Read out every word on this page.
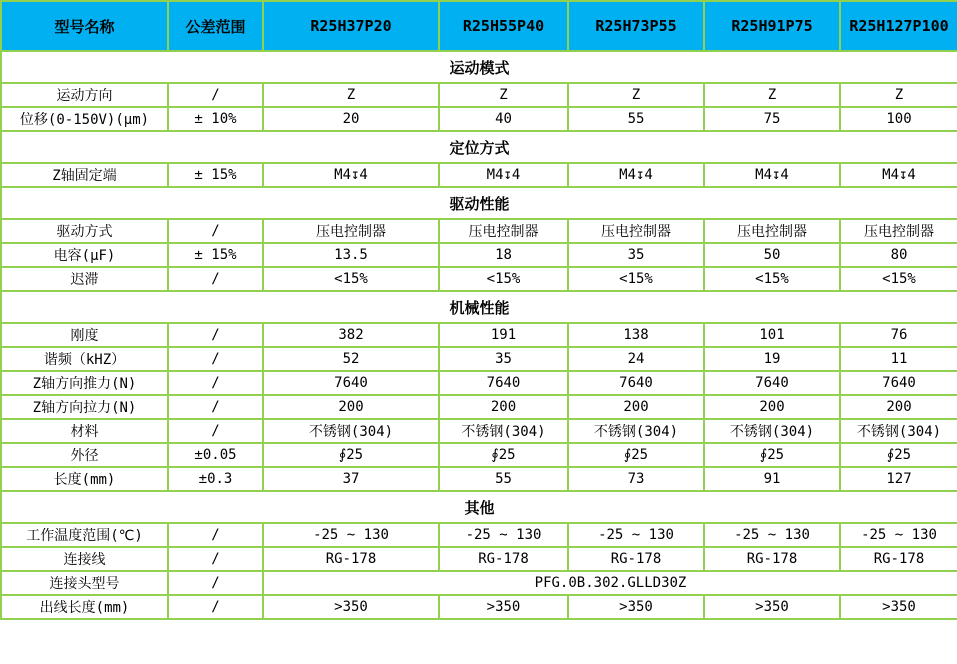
型号名称	公差范围	R25H37P20	R25H55P40	R25H73P55	R25H91P75	R25H127P100
运动模式						
运动方向	/	Z	Z	Z	Z	Z
位移(0-150V)(μm)	± 10%	20	40	55	75	100
定位方式						
Z轴固定端	± 15%	M4↧4	M4↧4	M4↧4	M4↧4	M4↧4
驱动性能						
驱动方式	/	压电控制器	压电控制器	压电控制器	压电控制器	压电控制器
电容(μF)	± 15%	13.5	18	35	50	80
迟滞	/	<15%	<15%	<15%	<15%	<15%
机械性能						
刚度	/	382	191	138	101	76
谐频（kHZ）	/	52	35	24	19	11
Z轴方向推力(N)	/	7640	7640	7640	7640	7640
Z轴方向拉力(N)	/	200	200	200	200	200
材料	/	不锈钢(304)	不锈钢(304)	不锈钢(304)	不锈钢(304)	不锈钢(304)
外径	±0.05	∮25	∮25	∮25	∮25	∮25
长度(mm)	±0.3	37	55	73	91	127
其他						
工作温度范围(℃)	/	-25 ~ 130	-25 ~ 130	-25 ~ 130	-25 ~ 130	-25 ~ 130
连接线	/	RG-178	RG-178	RG-178	RG-178	RG-178
连接头型号	/	PFG.0B.302.GLLD30Z				
出线长度(mm)	/	>350	>350	>350	>350	>350
